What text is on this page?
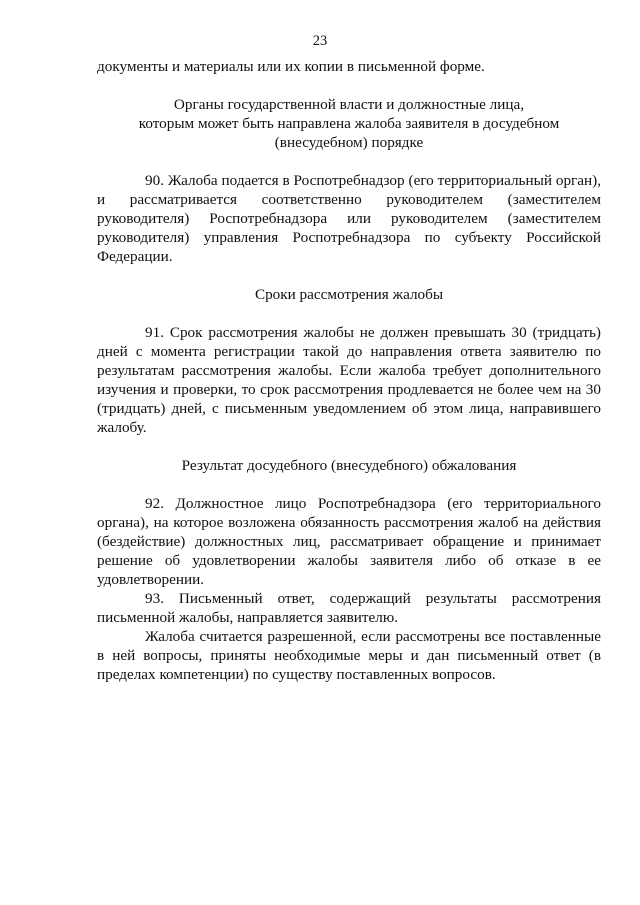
23

документы и материалы или их копии в письменной форме.

Органы государственной власти и должностные лица,
которым может быть направлена жалоба заявителя в досудебном
(внесудебном) порядке

90. Жалоба подается в Роспотребнадзор (его территориальный орган), и рассматривается соответственно руководителем (заместителем руководителя) Роспотребнадзора или руководителем (заместителем руководителя) управления Роспотребнадзора по субъекту Российской Федерации.

Сроки рассмотрения жалобы

91. Срок рассмотрения жалобы не должен превышать 30 (тридцать) дней с момента регистрации такой до направления ответа заявителю по результатам рассмотрения жалобы. Если жалоба требует дополнительного изучения и проверки, то срок рассмотрения продлевается не более чем на 30 (тридцать) дней, с письменным уведомлением об этом лица, направившего жалобу.

Результат досудебного (внесудебного) обжалования

92. Должностное лицо Роспотребнадзора (его территориального органа), на которое возложена обязанность рассмотрения жалоб на действия (бездействие) должностных лиц, рассматривает обращение и принимает решение об удовлетворении жалобы заявителя либо об отказе в ее удовлетворении.

93. Письменный ответ, содержащий результаты рассмотрения письменной жалобы, направляется заявителю.

Жалоба считается разрешенной, если рассмотрены все поставленные в ней вопросы, приняты необходимые меры и дан письменный ответ (в пределах компетенции) по существу поставленных вопросов.
